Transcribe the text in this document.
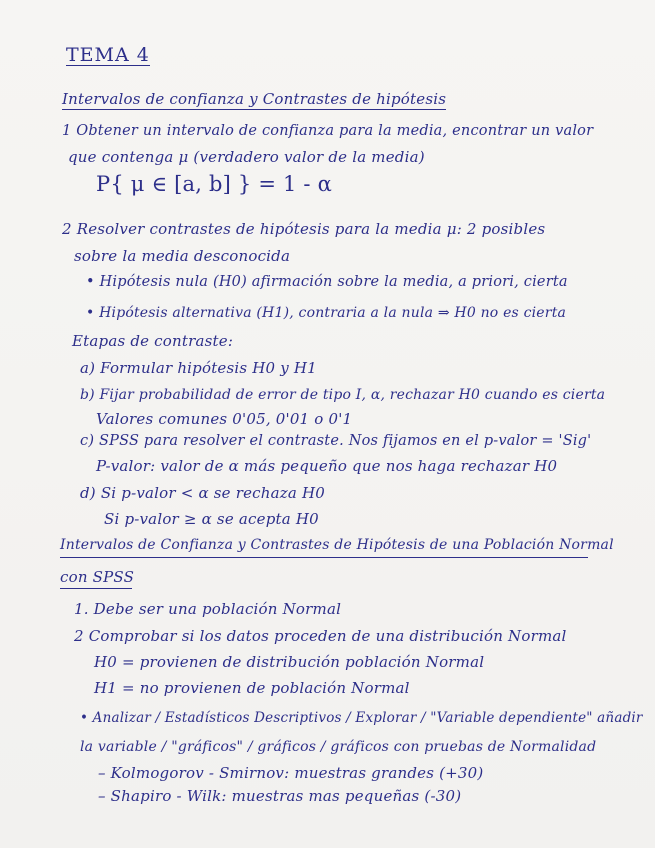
TEMA 4
Intervalos de confianza y Contrastes de hipótesis
1 Obtener un intervalo de confianza para la media, encontrar un valor
que contenga μ (verdadero valor de la media)
P{ μ ∈ [a, b] } = 1 - α
2 Resolver contrastes de hipótesis para la media μ: 2 posibles
sobre la media desconocida
• Hipótesis nula (H0) afirmación sobre la media, a priori, cierta
• Hipótesis alternativa (H1), contraria a la nula ⇒ H0 no es cierta
Etapas de contraste:
a) Formular hipótesis H0 y H1
b) Fijar probabilidad de error de tipo I, α, rechazar H0 cuando es cierta
Valores comunes 0'05, 0'01 o 0'1
c) SPSS para resolver el contraste. Nos fijamos en el p-valor = 'Sig'
P-valor: valor de α más pequeño que nos haga rechazar H0
d) Si p-valor < α se rechaza H0
Si p-valor ≥ α se acepta H0
Intervalos de Confianza y Contrastes de Hipótesis de una Población Normal
con SPSS
1. Debe ser una población Normal
2 Comprobar si los datos proceden de una distribución Normal
H0 = provienen de distribución población Normal
H1 = no provienen de población Normal
• Analizar / Estadísticos Descriptivos / Explorar / "Variable dependiente" añadir
la variable / "gráficos" / gráficos / gráficos con pruebas de Normalidad
– Kolmogorov - Smirnov: muestras grandes (+30)
– Shapiro - Wilk: muestras mas pequeñas (-30)
